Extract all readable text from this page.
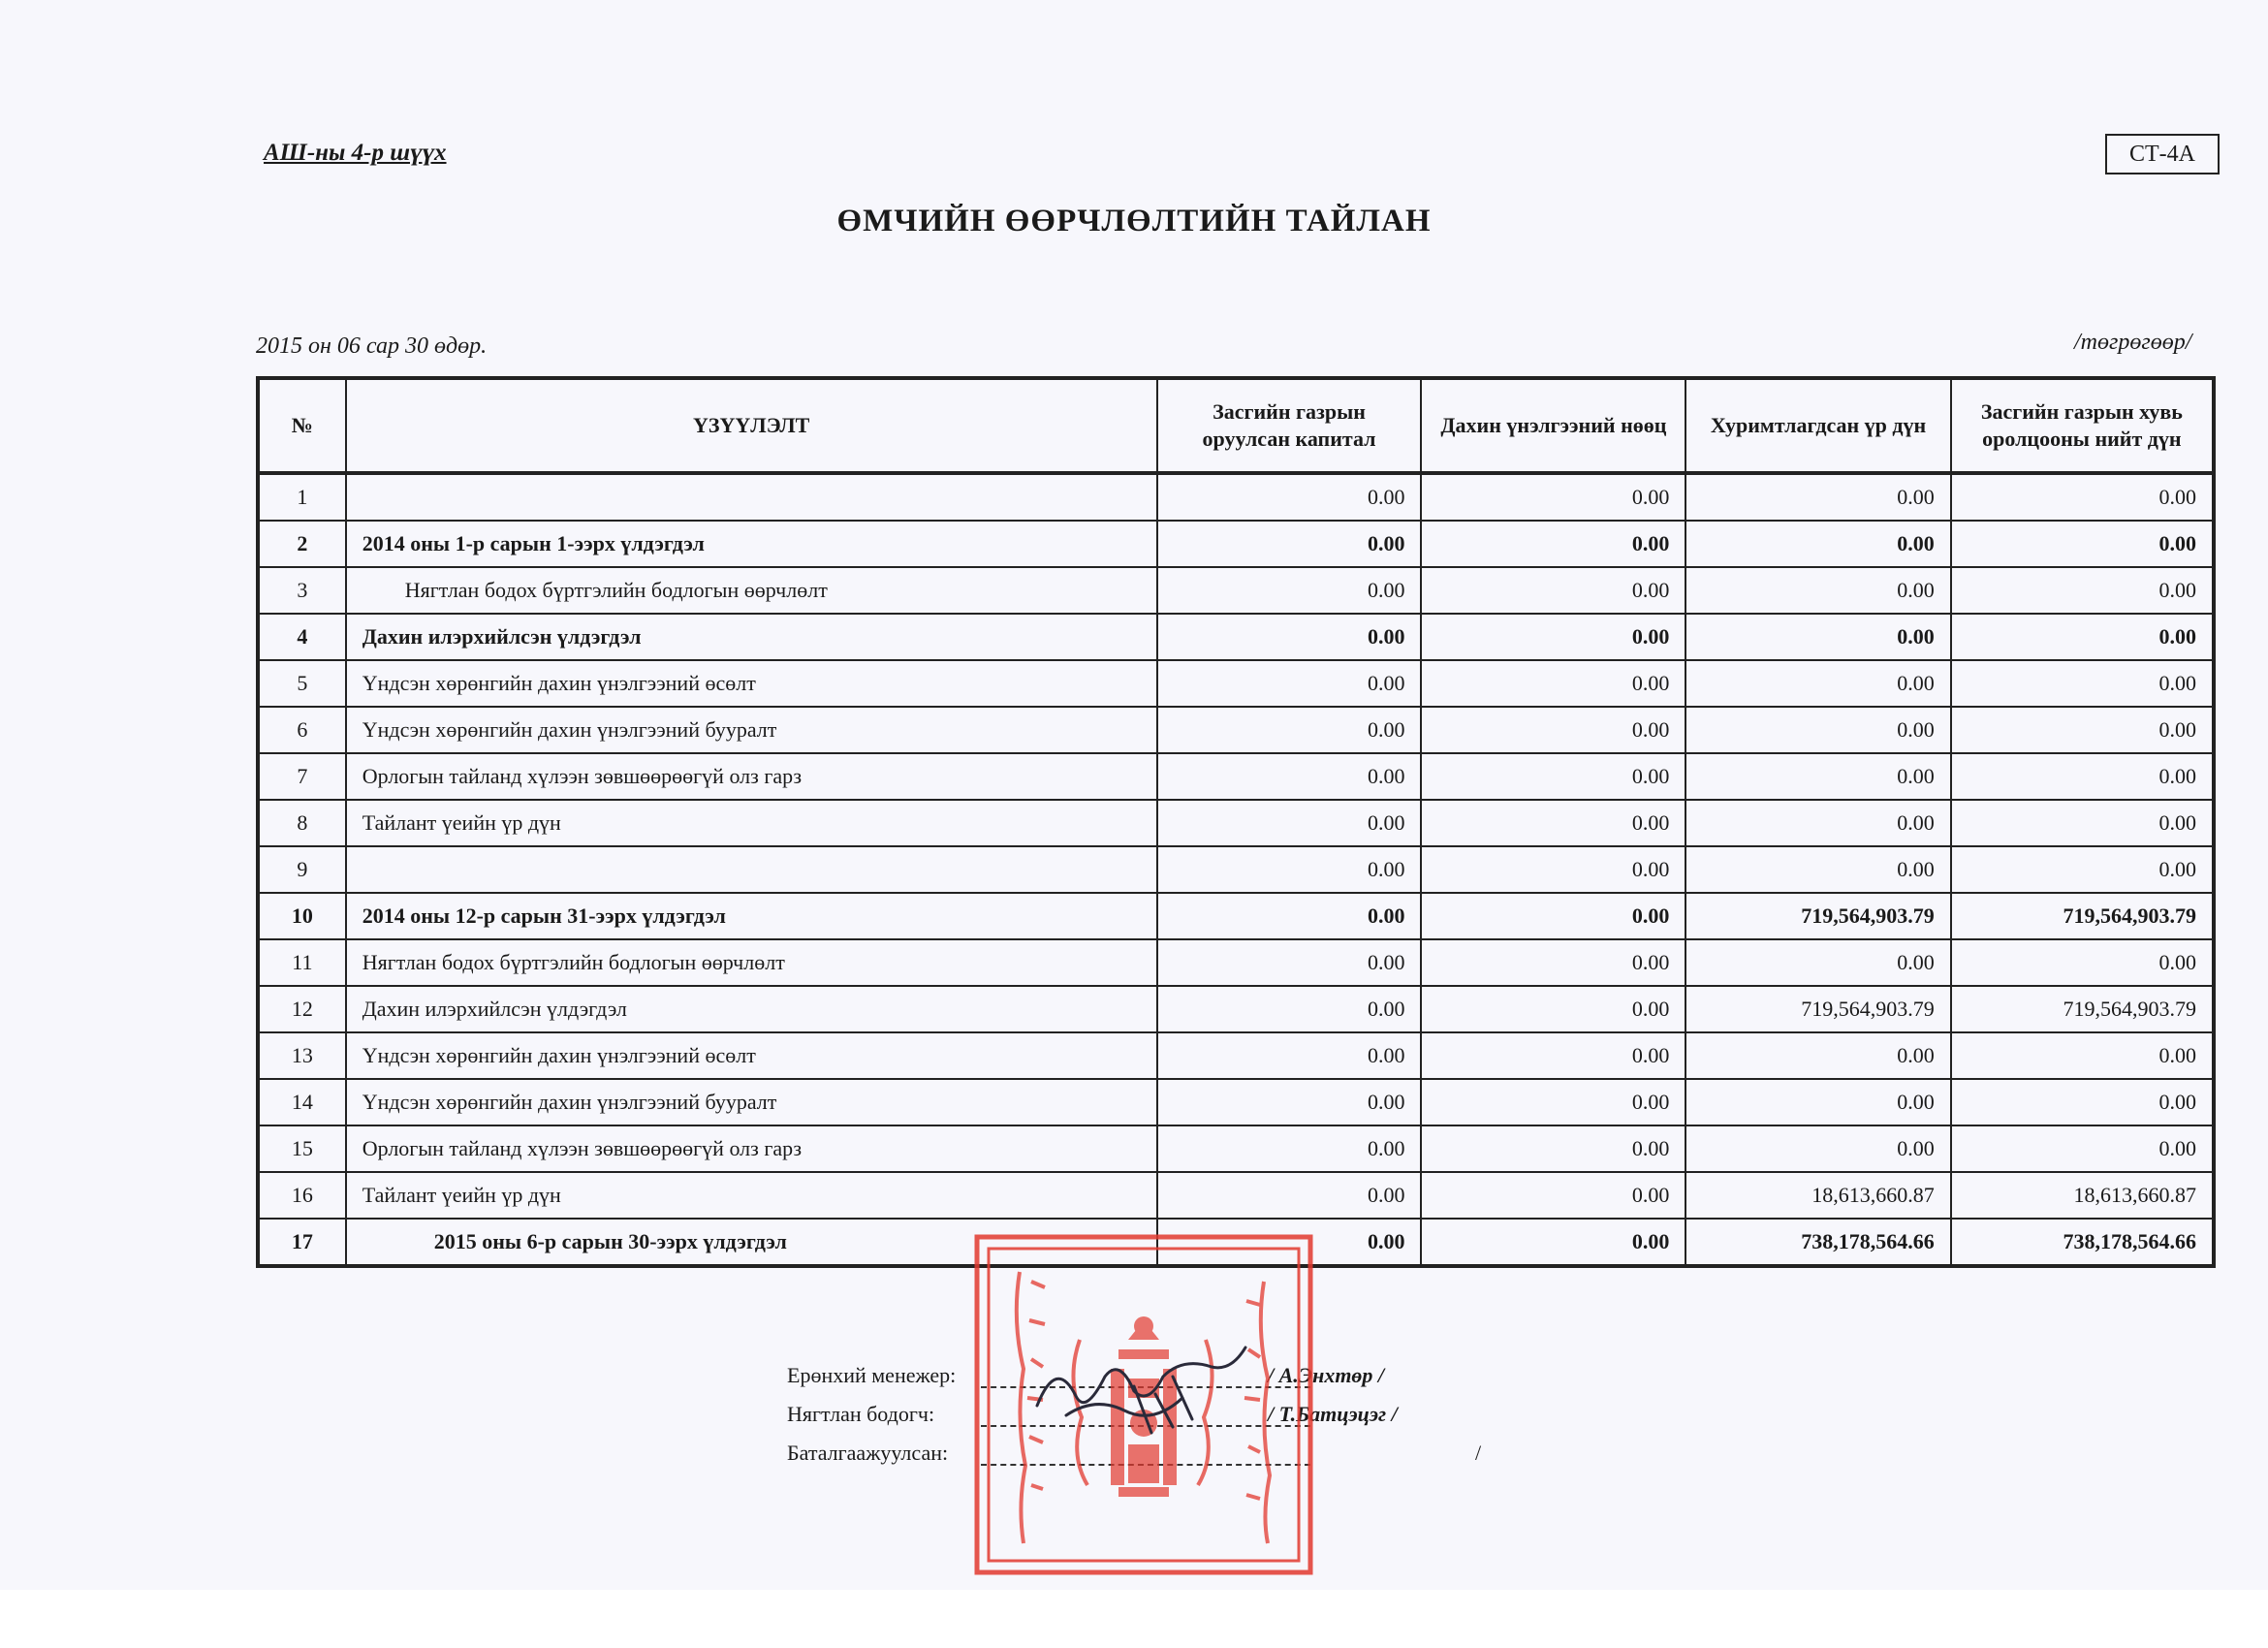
АШ-ны 4-р шүүх	СТ-4А
ӨМЧИЙН ӨӨРЧЛӨЛТИЙН ТАЙЛАН
2015 он 06 сар 30 өдөр.	/төгрөгөөр/
№	ҮЗҮҮЛЭЛТ	Засгийн газрын оруулсан капитал	Дахин үнэлгээний нөөц	Хуримтлагдсан үр дүн	Засгийн газрын хувь оролцооны нийт дүн
1		0.00	0.00	0.00	0.00
2	2014 оны 1-р сарын 1-ээрх үлдэгдэл	0.00	0.00	0.00	0.00
3	Нягтлан бодох бүртгэлийн бодлогын өөрчлөлт	0.00	0.00	0.00	0.00
4	Дахин илэрхийлсэн үлдэгдэл	0.00	0.00	0.00	0.00
5	Үндсэн хөрөнгийн дахин үнэлгээний өсөлт	0.00	0.00	0.00	0.00
6	Үндсэн хөрөнгийн дахин үнэлгээний бууралт	0.00	0.00	0.00	0.00
7	Орлогын тайланд хүлээн зөвшөөрөөгүй олз гарз	0.00	0.00	0.00	0.00
8	Тайлант үеийн үр дүн	0.00	0.00	0.00	0.00
9		0.00	0.00	0.00	0.00
10	2014 оны 12-р сарын 31-ээрх үлдэгдэл	0.00	0.00	719,564,903.79	719,564,903.79
11	Нягтлан бодох бүртгэлийн бодлогын өөрчлөлт	0.00	0.00	0.00	0.00
12	Дахин илэрхийлсэн үлдэгдэл	0.00	0.00	719,564,903.79	719,564,903.79
13	Үндсэн хөрөнгийн дахин үнэлгээний өсөлт	0.00	0.00	0.00	0.00
14	Үндсэн хөрөнгийн дахин үнэлгээний бууралт	0.00	0.00	0.00	0.00
15	Орлогын тайланд хүлээн зөвшөөрөөгүй олз гарз	0.00	0.00	0.00	0.00
16	Тайлант үеийн үр дүн	0.00	0.00	18,613,660.87	18,613,660.87
17	2015 оны 6-р сарын 30-ээрх үлдэгдэл	0.00	0.00	738,178,564.66	738,178,564.66
Ерөнхий менежер:	/ А.Энхтөр /
Нягтлан бодогч:	/ Т.Батцэцэг /
Баталгаажуулсан:	/
